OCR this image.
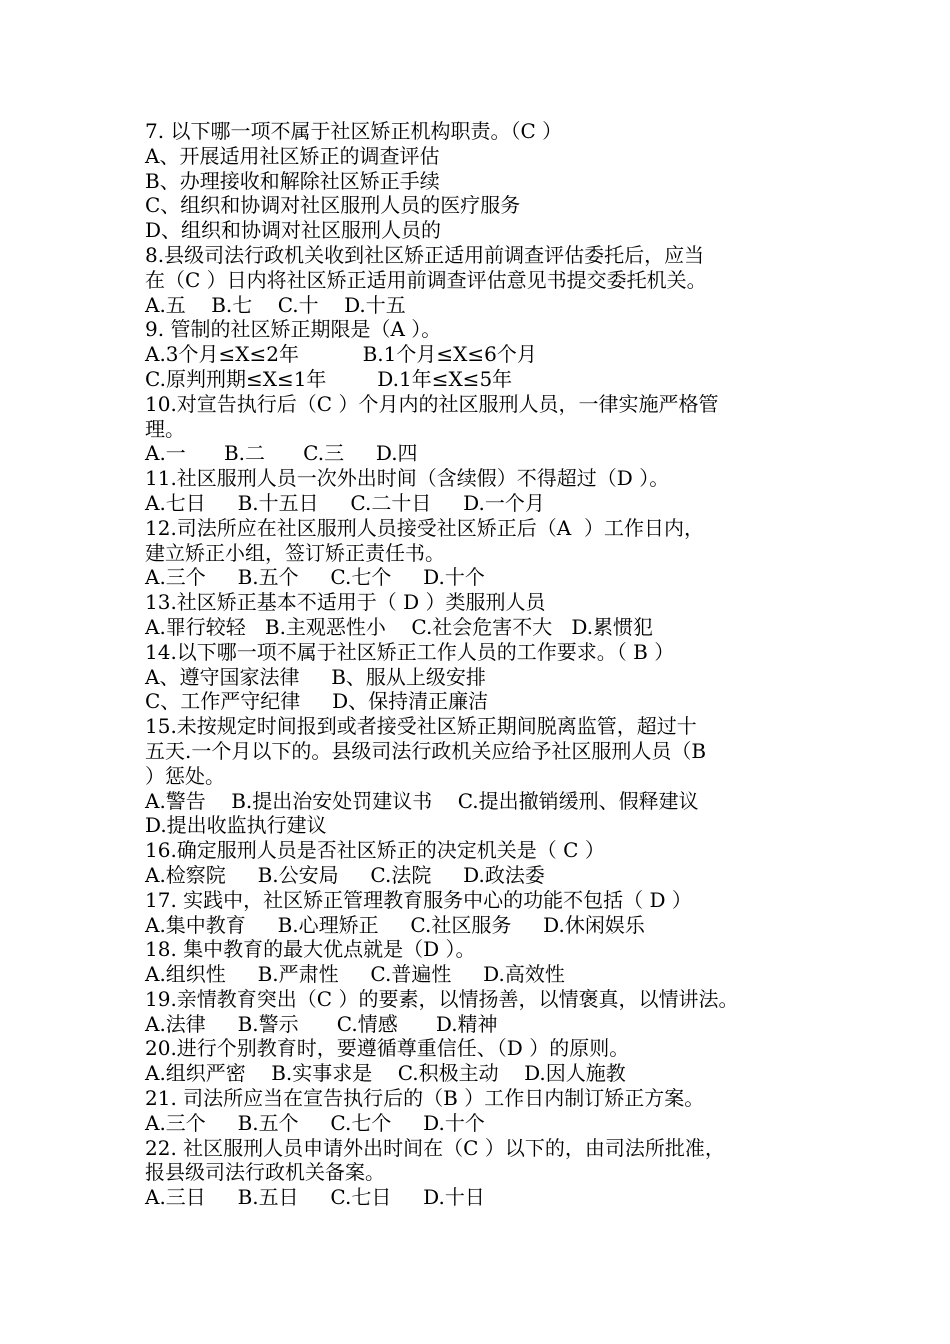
7. 以下哪一项不属于社区矫正机构职责。（C ）
A、开展适用社区矫正的调查评估
B、办理接收和解除社区矫正手续
C、组织和协调对社区服刑人员的医疗服务
D、组织和协调对社区服刑人员的
8.县级司法行政机关收到社区矫正适用前调查评估委托后，应当
在（C ）日内将社区矫正适用前调查评估意见书提交委托机关。
A.五    B.七    C.十    D.十五
9. 管制的社区矫正期限是（A ）。
A.3个月≤X≤2年          B.1个月≤X≤6个月
C.原判刑期≤X≤1年        D.1年≤X≤5年
10.对宣告执行后（C ）个月内的社区服刑人员，一律实施严格管
理。
A.一      B.二      C.三     D.四
11.社区服刑人员一次外出时间（含续假）不得超过（D ）。
A.七日     B.十五日     C.二十日     D.一个月
12.司法所应在社区服刑人员接受社区矫正后（A  ）工作日内，
建立矫正小组，签订矫正责任书。
A.三个     B.五个     C.七个     D.十个
13.社区矫正基本不适用于（ D ）类服刑人员
A.罪行较轻   B.主观恶性小    C.社会危害不大   D.累惯犯
14.以下哪一项不属于社区矫正工作人员的工作要求。（ B ）
A、遵守国家法律     B、服从上级安排
C、工作严守纪律     D、保持清正廉洁
15.未按规定时间报到或者接受社区矫正期间脱离监管，超过十
五天.一个月以下的。县级司法行政机关应给予社区服刑人员（B
）惩处。
A.警告    B.提出治安处罚建议书    C.提出撤销缓刑、假释建议
D.提出收监执行建议
16.确定服刑人员是否社区矫正的决定机关是（ C ）
A.检察院     B.公安局     C.法院     D.政法委
17. 实践中，社区矫正管理教育服务中心的功能不包括（ D ）
A.集中教育     B.心理矫正     C.社区服务     D.休闲娱乐
18. 集中教育的最大优点就是（D ）。
A.组织性     B.严肃性     C.普遍性     D.高效性
19.亲情教育突出（C ）的要素，以情扬善，以情褒真，以情讲法。
A.法律     B.警示      C.情感      D.精神
20.进行个别教育时，要遵循尊重信任、（D ）的原则。
A.组织严密    B.实事求是    C.积极主动    D.因人施教
21. 司法所应当在宣告执行后的（B ）工作日内制订矫正方案。
A.三个     B.五个     C.七个     D.十个
22. 社区服刑人员申请外出时间在（C ）以下的，由司法所批准，
报县级司法行政机关备案。
A.三日     B.五日     C.七日     D.十日
